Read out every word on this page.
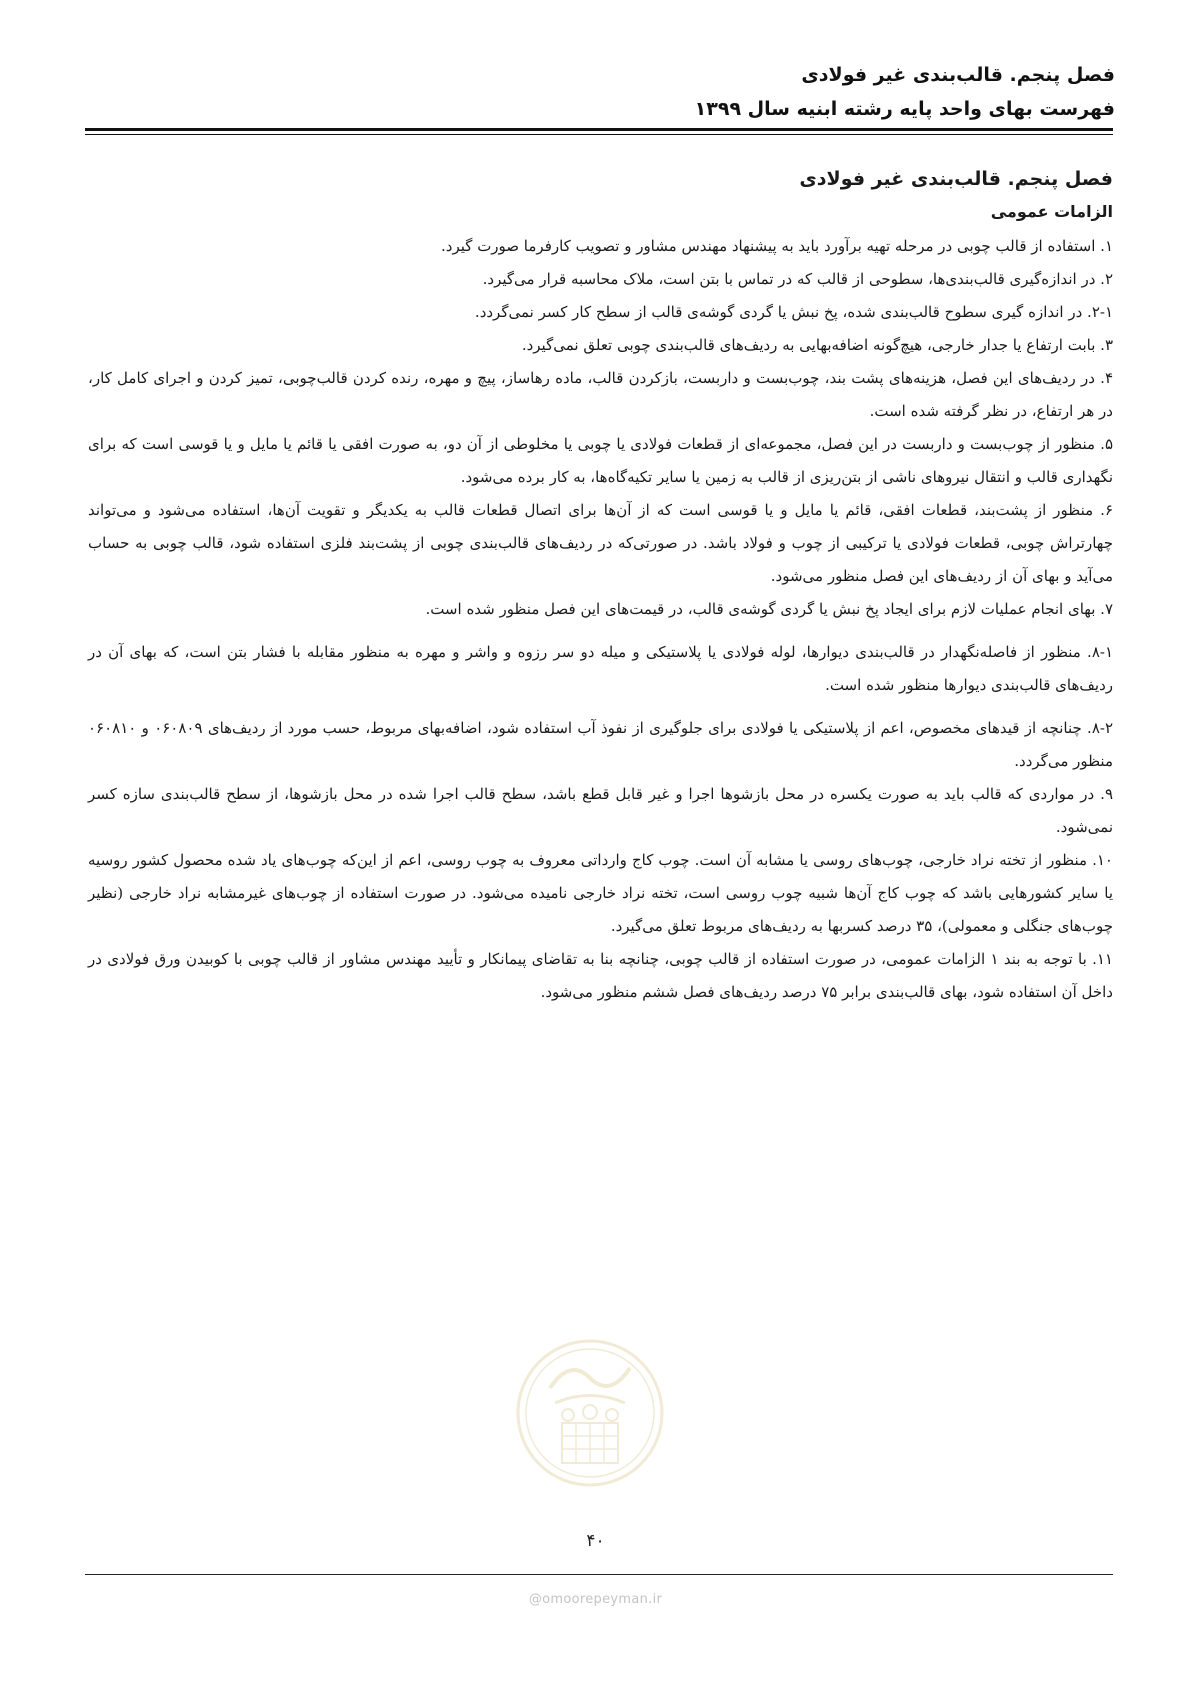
فصل پنجم. قالب‌بندی غیر فولادی
فهرست بهای واحد پایه رشته ابنیه سال ۱۳۹۹
فصل پنجم. قالب‌بندی غیر فولادی
الزامات عمومی

۱. استفاده از قالب چوبی در مرحله تهیه برآورد باید به پیشنهاد مهندس مشاور و تصویب کارفرما صورت گیرد.

۲. در اندازه‌گیری قالب‌بندی‌ها، سطوحی از قالب که در تماس با بتن است، ملاک محاسبه قرار می‌گیرد.

۲-۱. در اندازه گیری سطوح قالب‌بندی شده، پخ نبش یا گردی گوشه‌ی قالب از سطح کار کسر نمی‌گردد.

۳. بابت ارتفاع یا جدار خارجی، هیچ‌گونه اضافه‌بهایی به ردیف‌های قالب‌بندی چوبی تعلق نمی‌گیرد.

۴. در ردیف‌های این فصل، هزینه‌های پشت بند، چوب‌بست و داربست، بازکردن قالب، ماده رهاساز، پیچ و مهره، رنده کردن قالب‌چوبی، تمیز کردن و اجرای کامل کار، در هر ارتفاع، در نظر گرفته شده است.

۵. منظور از چوب‌بست و داربست در این فصل، مجموعه‌ای از قطعات فولادی یا چوبی یا مخلوطی از آن دو، به صورت افقی یا قائم یا مایل و یا قوسی است که برای نگهداری قالب و انتقال نیروهای ناشی از بتن‌ریزی از قالب به زمین یا سایر تکیه‌گاه‌ها، به کار برده می‌شود.

۶. منظور از پشت‌بند، قطعات افقی، قائم یا مایل و یا قوسی است که از آن‌ها برای اتصال قطعات قالب به یکدیگر و تقویت آن‌ها، استفاده می‌شود و می‌تواند چهارتراش چوبی، قطعات فولادی یا ترکیبی از چوب و فولاد باشد. در صورتی‌که در ردیف‌های قالب‌بندی چوبی از پشت‌بند فلزی استفاده شود، قالب چوبی به حساب می‌آید و بهای آن از ردیف‌های این فصل منظور می‌شود.

۷. بهای انجام عملیات لازم برای ایجاد پخ نبش یا گردی گوشه‌ی قالب، در قیمت‌های این فصل منظور شده است.

۸-۱. منظور از فاصله‌نگهدار در قالب‌بندی دیوارها، لوله فولادی یا پلاستیکی و میله دو سر رزوه و واشر و مهره به منظور مقابله با فشار بتن است، که بهای آن در ردیف‌های قالب‌بندی دیوارها منظور شده است.

۸-۲. چنانچه از قیدهای مخصوص، اعم از پلاستیکی یا فولادی برای جلوگیری از نفوذ آب استفاده شود، اضافه‌بهای مربوط، حسب مورد از ردیف‌های ۰۶۰۸۰۹ و ۰۶۰۸۱۰ منظور می‌گردد.

۹. در مواردی که قالب باید به صورت یکسره در محل بازشوها اجرا و غیر قابل قطع باشد، سطح قالب اجرا شده در محل بازشوها، از سطح قالب‌بندی سازه کسر نمی‌شود.

۱۰. منظور از تخته نراد خارجی، چوب‌های روسی یا مشابه آن است. چوب کاج وارداتی معروف به چوب روسی، اعم از این‌که چوب‌های یاد شده محصول کشور روسیه یا سایر کشورهایی باشد که چوب کاج آن‌ها شبیه چوب روسی است، تخته نراد خارجی نامیده می‌شود. در صورت استفاده از چوب‌های غیرمشابه نراد خارجی (نظیر چوب‌های جنگلی و معمولی)، ۳۵ درصد کسربها به ردیف‌های مربوط تعلق می‌گیرد.

۱۱. با توجه به بند ۱ الزامات عمومی، در صورت استفاده از قالب چوبی، چنانچه بنا به تقاضای پیمانکار و تأیید مهندس مشاور از قالب چوبی با کوبیدن ورق فولادی در داخل آن استفاده شود، بهای قالب‌بندی برابر ۷۵ درصد ردیف‌های فصل ششم منظور می‌شود.

۴۰
@omoorepeyman.ir
